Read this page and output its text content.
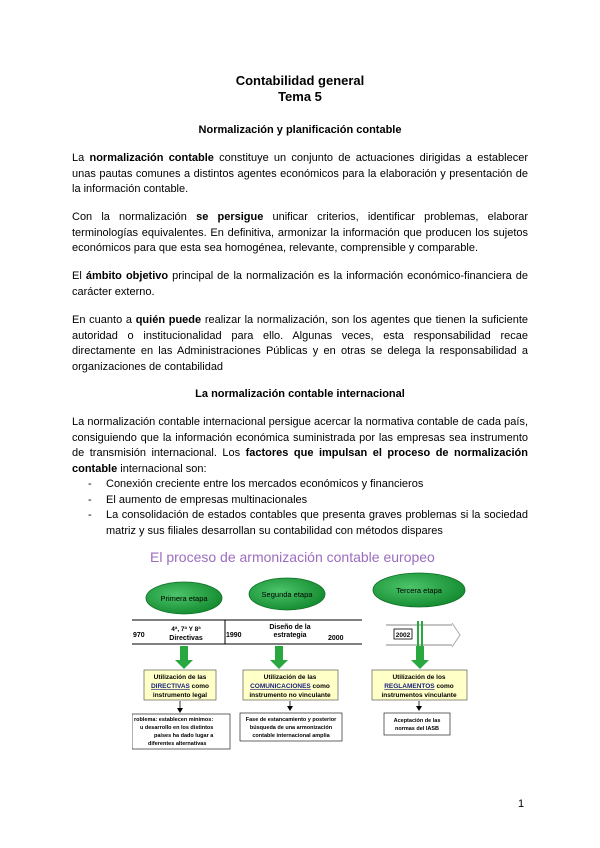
Contabilidad general
Tema 5
Normalización y planificación contable
La normalización contable constituye un conjunto de actuaciones dirigidas a establecer unas pautas comunes a distintos agentes económicos para la elaboración y presentación de la información contable.
Con la normalización se persigue unificar criterios, identificar problemas, elaborar terminologías equivalentes. En definitiva, armonizar la información que producen los sujetos económicos para que esta sea homogénea, relevante, comprensible y comparable.
El ámbito objetivo principal de la normalización es la información económico-financiera de carácter externo.
En cuanto a quién puede realizar la normalización, son los agentes que tienen la suficiente autoridad o institucionalidad para ello. Algunas veces, esta responsabilidad recae directamente en las Administraciones Públicas y en otras se delega la responsabilidad a organizaciones de contabilidad
La normalización contable internacional
La normalización contable internacional persigue acercar la normativa contable de cada país, consiguiendo que la información económica suministrada por las empresas sea instrumento de transmisión internacional. Los factores que impulsan el proceso de normalización contable internacional son:
- Conexión creciente entre los mercados económicos y financieros
- El aumento de empresas multinacionales
- La consolidación de estados contables que presenta graves problemas si la sociedad matriz y sus filiales desarrollan su contabilidad con métodos dispares
El proceso de armonización contable europeo
Primera etapa	Segunda etapa	Tercera etapa
970
4ª, 7ª Y 8ª
Directivas	1990
Diseño de la
estrategia	2000	2002
Utilización de las
DIRECTIVAS como
instrumento legal
Utilización de las
COMUNICACIONES como
instrumento no vinculante
Utilización de los
REGLAMENTOS como
instrumentos vinculante
roblema: establecen mínimos:
u desarrollo en los distintos
países ha dado lugar a
diferentes alternativas
Fase de estancamiento y posterior
búsqueda de una armonización
contable internacional amplia
Aceptación de las
normas del IASB
1
